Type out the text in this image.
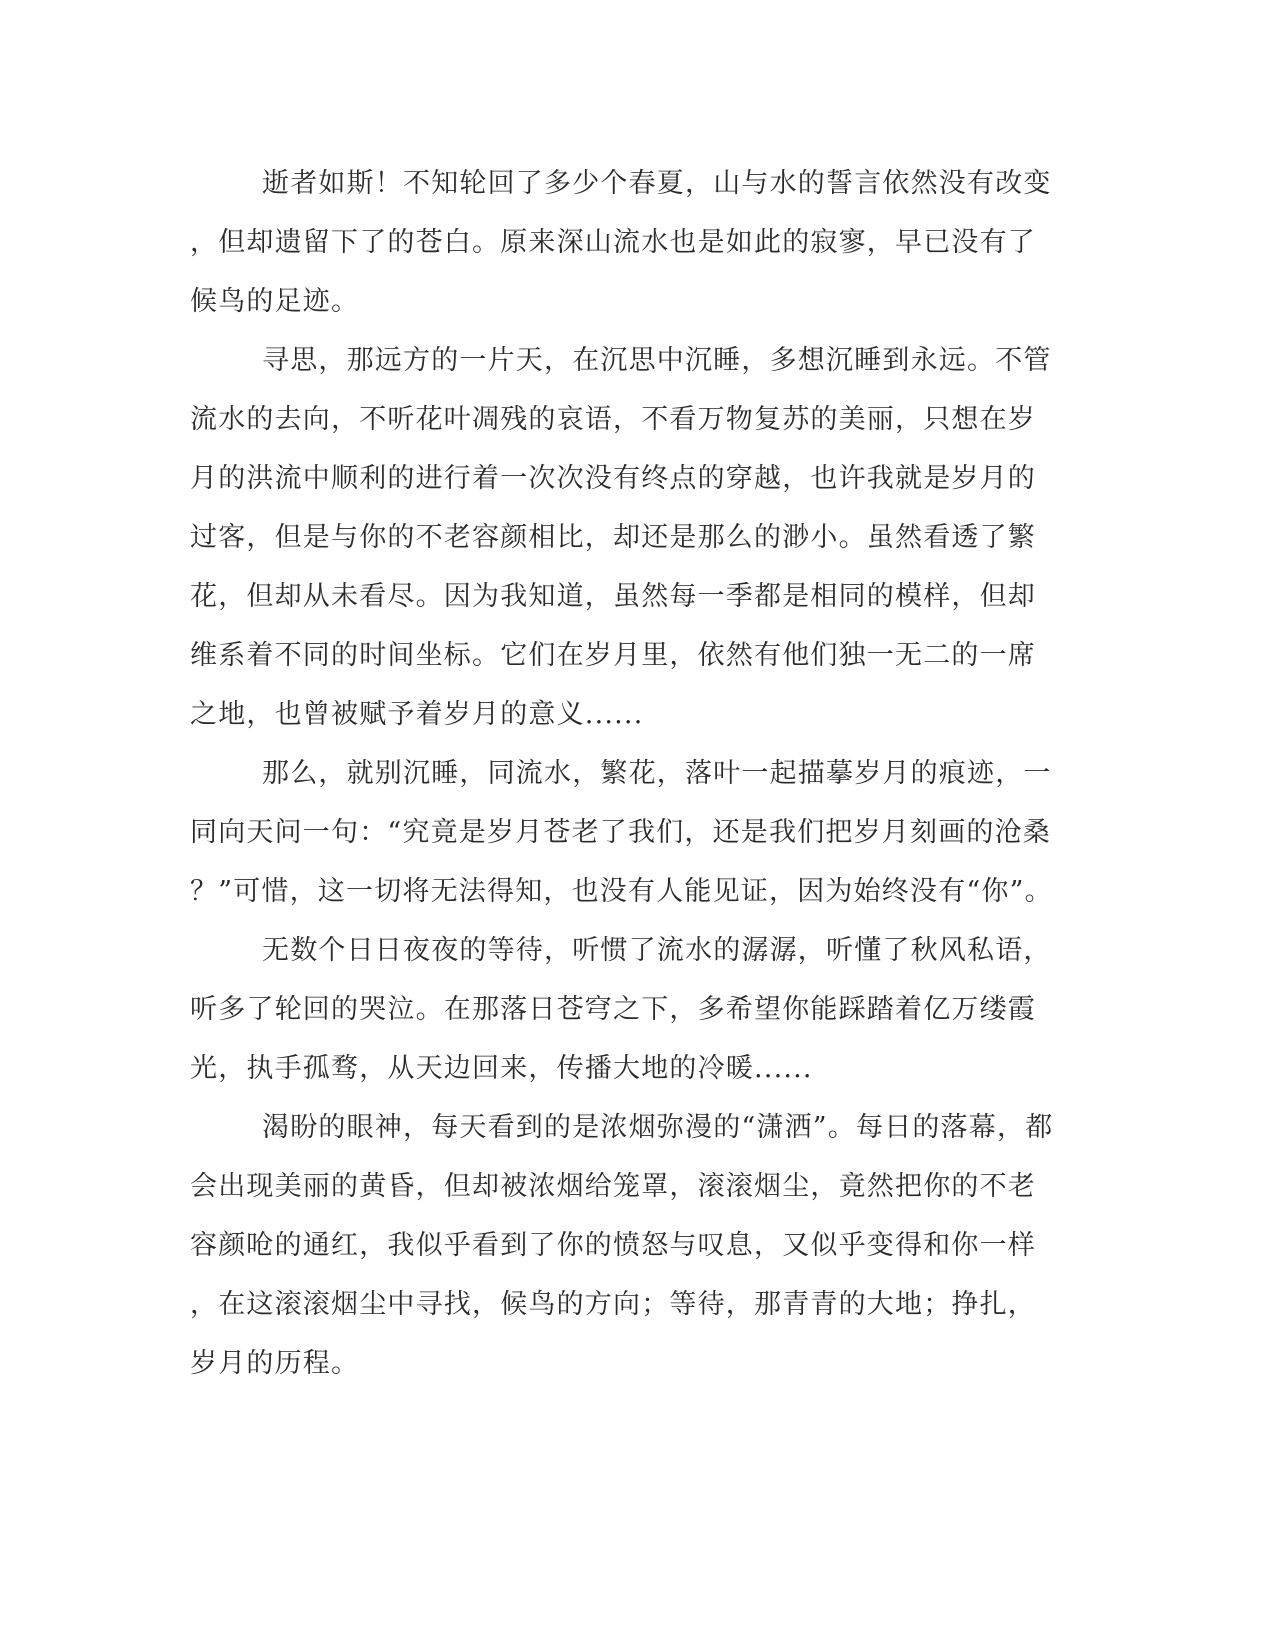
逝者如斯！不知轮回了多少个春夏，山与水的誓言依然没有改变
，但却遗留下了的苍白。原来深山流水也是如此的寂寥，早已没有了
候鸟的足迹。
寻思，那远方的一片天，在沉思中沉睡，多想沉睡到永远。不管
流水的去向，不听花叶凋残的哀语，不看万物复苏的美丽，只想在岁
月的洪流中顺利的进行着一次次没有终点的穿越，也许我就是岁月的
过客，但是与你的不老容颜相比，却还是那么的渺小。虽然看透了繁
花，但却从未看尽。因为我知道，虽然每一季都是相同的模样，但却
维系着不同的时间坐标。它们在岁月里，依然有他们独一无二的一席
之地，也曾被赋予着岁月的意义......
那么，就别沉睡，同流水，繁花，落叶一起描摹岁月的痕迹，一
同向天问一句：“究竟是岁月苍老了我们，还是我们把岁月刻画的沧桑
？”可惜，这一切将无法得知，也没有人能见证，因为始终没有“你”。
无数个日日夜夜的等待，听惯了流水的潺潺，听懂了秋风私语，
听多了轮回的哭泣。在那落日苍穹之下，多希望你能踩踏着亿万缕霞
光，执手孤骛，从天边回来，传播大地的冷暖......
渴盼的眼神，每天看到的是浓烟弥漫的“潇洒”。每日的落幕，都
会出现美丽的黄昏，但却被浓烟给笼罩，滚滚烟尘，竟然把你的不老
容颜呛的通红，我似乎看到了你的愤怒与叹息，又似乎变得和你一样
，在这滚滚烟尘中寻找，候鸟的方向；等待，那青青的大地；挣扎，
岁月的历程。
